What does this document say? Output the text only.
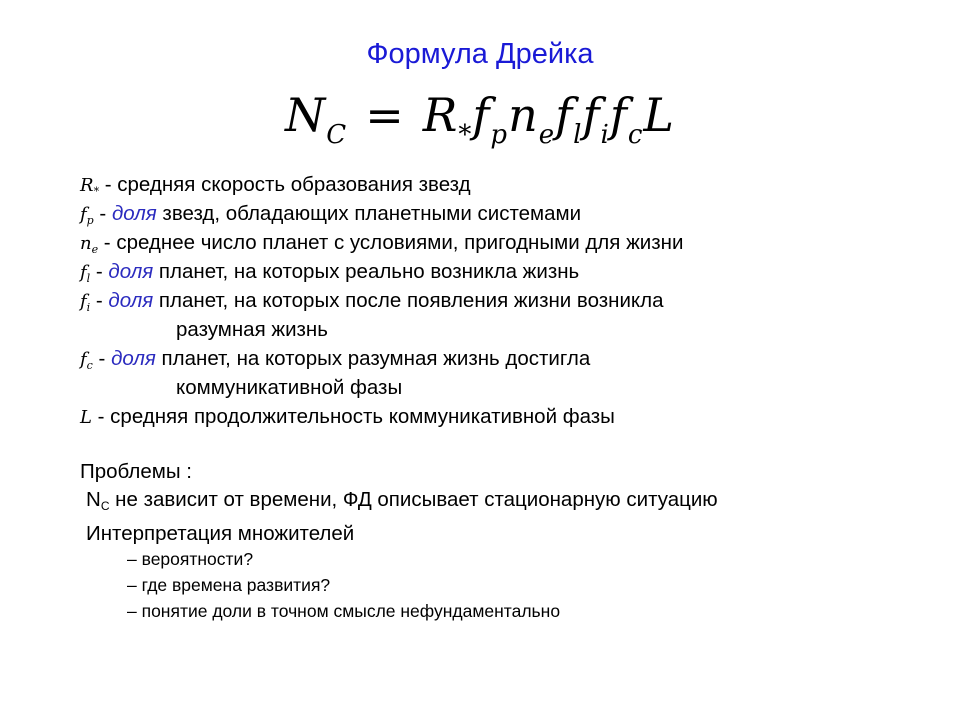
Формула Дрейка
$N_C = R_*f_pn_ef_lf_if_cL$
$R_*$ - средняя скорость образования звезд
$f_p$ - доля звезд, обладающих планетными системами
$n_e$ - среднее число планет с условиями, пригодными для жизни
$f_l$ - доля планет, на которых реально возникла жизнь
$f_i$ - доля планет, на которых после появления жизни возникла
разумная жизнь
$f_c$ - доля планет, на которых разумная жизнь достигла
коммуникативной фазы
L - средняя продолжительность коммуникативной фазы
Проблемы :
$N_C$ не зависит от времени, ФД описывает стационарную ситуацию
Интерпретация множителей
– вероятности?
– где времена развития?
– понятие доли в точном смысле нефундаментально
